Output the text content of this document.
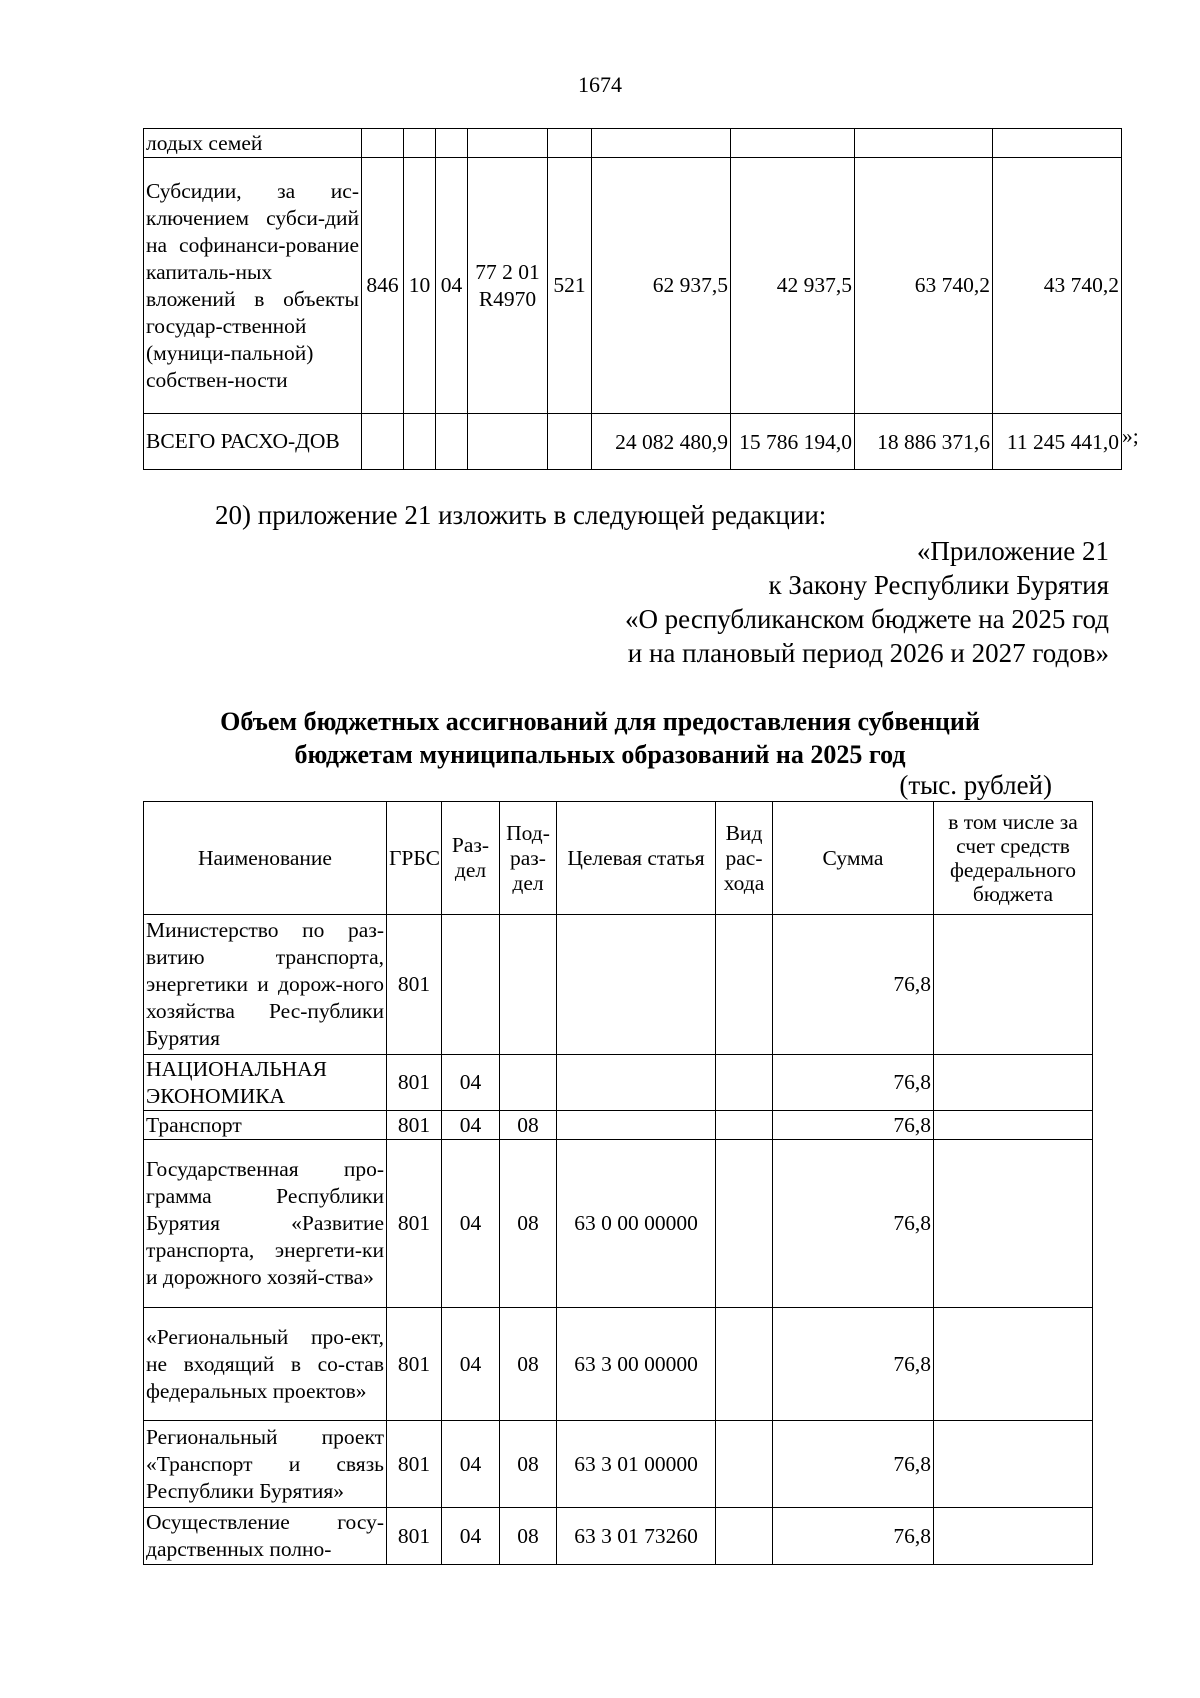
1674
лодых семей									
Субсидии, за ис-ключением субси-дий на софинанси-рование капиталь-ных вложений в объекты государ-ственной (муници-пальной) собствен-ности	846	10	04	77 2 01 R4970	521	62 937,5	42 937,5	63 740,2	43 740,2
ВСЕГО РАСХО-ДОВ						24 082 480,9	15 786 194,0	18 886 371,6	11 245 441,0 »;
20) приложение 21 изложить в следующей редакции:
«Приложение 21
к Закону Республики Бурятия
«О республиканском бюджете на 2025 год
и на плановый период 2026 и 2027 годов»
Объем бюджетных ассигнований для предоставления субвенций
бюджетам муниципальных образований на 2025 год
(тыс. рублей)
Наименование	ГРБС	Раз-дел	Под-раз-дел	Целевая статья	Вид рас-хода	Сумма	в том числе за счет средств федерального бюджета
Министерство по раз-витию транспорта, энергетики и дорож-ного хозяйства Рес-публики Бурятия	801					76,8	
НАЦИОНАЛЬНАЯ ЭКОНОМИКА	801	04				76,8	
Транспорт	801	04	08			76,8	
Государственная про-грамма Республики Бурятия «Развитие транспорта, энергети-ки и дорожного хозяй-ства»	801	04	08	63 0 00 00000		76,8	
«Региональный про-ект, не входящий в со-став федеральных проектов»	801	04	08	63 3 00 00000		76,8	
Региональный проект «Транспорт и связь Республики Бурятия»	801	04	08	63 3 01 00000		76,8	
Осуществление госу-дарственных полно-	801	04	08	63 3 01 73260		76,8	
